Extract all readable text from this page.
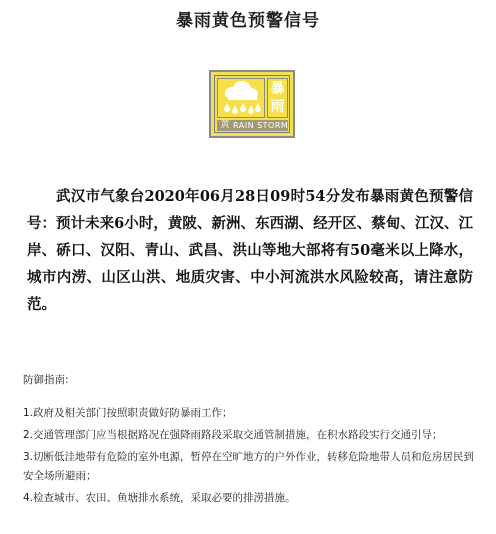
暴雨黄色预警信号
暴
雨
黄 RAIN STORM
武汉市气象台2020年06月28日09时54分发布暴雨黄色预警信号：预计未来6小时，黄陂、新洲、东西湖、经开区、蔡甸、江汉、江岸、硚口、汉阳、青山、武昌、洪山等地大部将有50毫米以上降水，城市内涝、山区山洪、地质灾害、中小河流洪水风险较高，请注意防范。
防御指南:
1.政府及相关部门按照职责做好防暴雨工作；
2.交通管理部门应当根据路况在强降雨路段采取交通管制措施，在积水路段实行交通引导；
3.切断低洼地带有危险的室外电源，暂停在空旷地方的户外作业，转移危险地带人员和危房居民到安全场所避雨；
4.检查城市、农田、鱼塘排水系统，采取必要的排涝措施。
